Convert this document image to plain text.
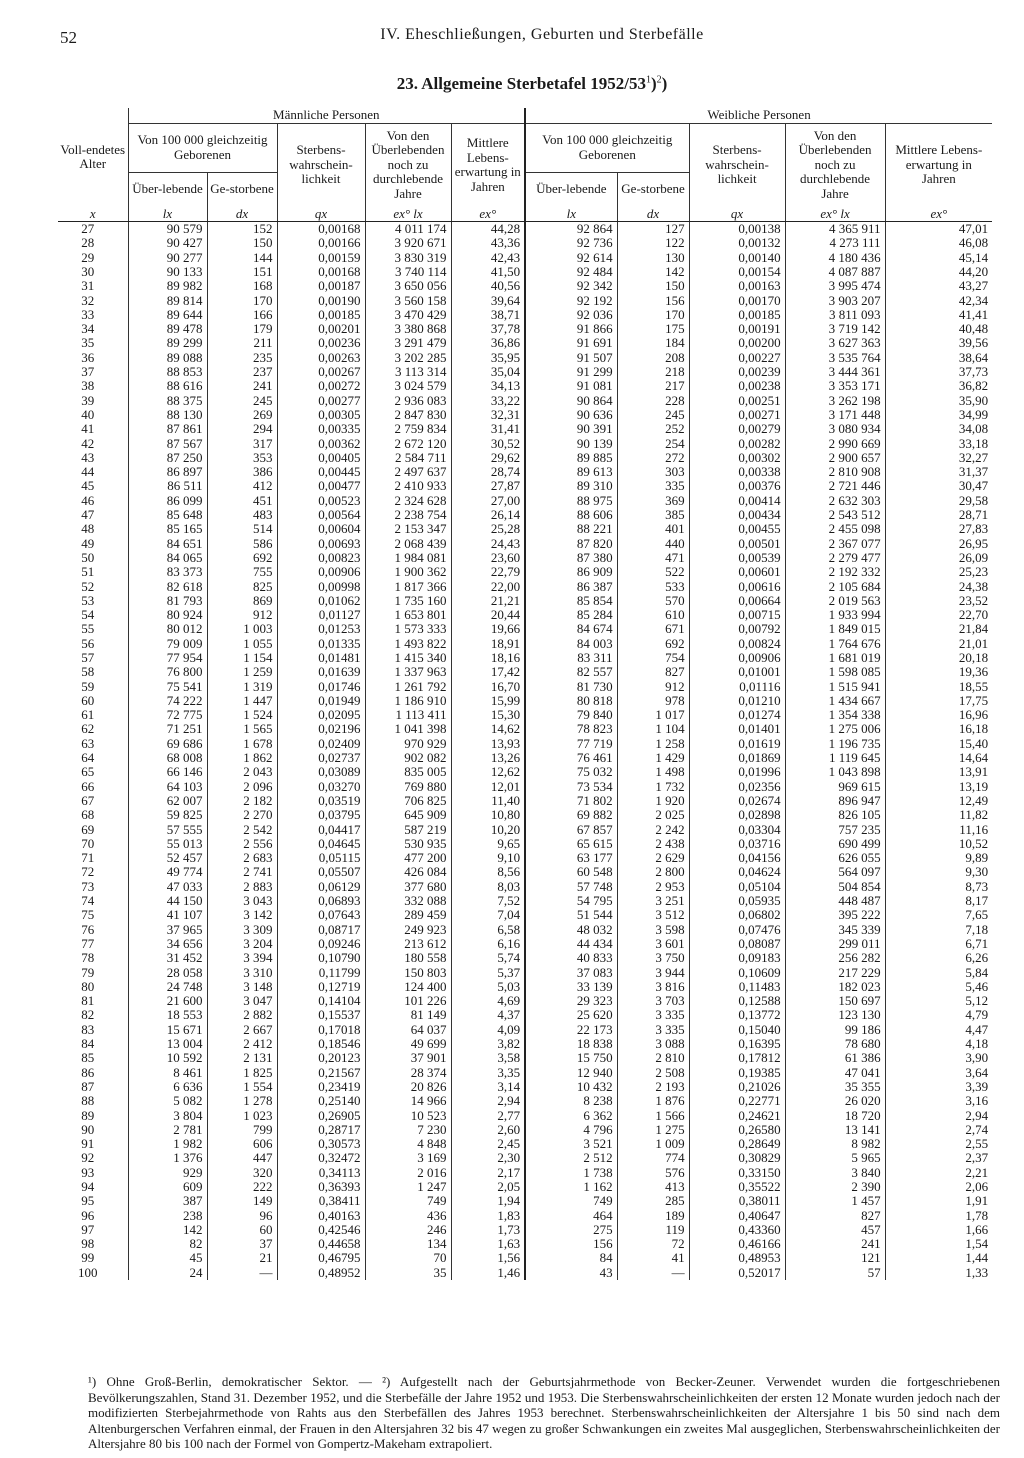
52	IV. Eheschließungen, Geburten und Sterbefälle
23. Allgemeine Sterbetafel $1952/53^1)^2$)
Voll-endetes Alter	Männliche Personen					Weibliche Personen				
	Von 100 000 gleichzeitig Geborenen		Sterbens-wahrschein-lichkeit	Von den Überlebenden noch zu durchlebende Jahre	Mittlere Lebens-erwartung in Jahren	Von 100 000 gleichzeitig Geborenen		Sterbens-wahrschein-lichkeit	Von den Überlebenden noch zu durchlebende Jahre	Mittlere Lebens-erwartung in Jahren
	Über-lebende	Ge-storbene				Über-lebende	Ge-storbene			
x	lx	dx	qx	ex° lx	ex°	lx	dx	qx	ex° lx	ex°
27	90 579	152	0,00168	4 011 174	44,28	92 864	127	0,00138	4 365 911	47,01
28	90 427	150	0,00166	3 920 671	43,36	92 736	122	0,00132	4 273 111	46,08
29	90 277	144	0,00159	3 830 319	42,43	92 614	130	0,00140	4 180 436	45,14
30	90 133	151	0,00168	3 740 114	41,50	92 484	142	0,00154	4 087 887	44,20
31	89 982	168	0,00187	3 650 056	40,56	92 342	150	0,00163	3 995 474	43,27
32	89 814	170	0,00190	3 560 158	39,64	92 192	156	0,00170	3 903 207	42,34
33	89 644	166	0,00185	3 470 429	38,71	92 036	170	0,00185	3 811 093	41,41
34	89 478	179	0,00201	3 380 868	37,78	91 866	175	0,00191	3 719 142	40,48
35	89 299	211	0,00236	3 291 479	36,86	91 691	184	0,00200	3 627 363	39,56
36	89 088	235	0,00263	3 202 285	35,95	91 507	208	0,00227	3 535 764	38,64
37	88 853	237	0,00267	3 113 314	35,04	91 299	218	0,00239	3 444 361	37,73
38	88 616	241	0,00272	3 024 579	34,13	91 081	217	0,00238	3 353 171	36,82
39	88 375	245	0,00277	2 936 083	33,22	90 864	228	0,00251	3 262 198	35,90
40	88 130	269	0,00305	2 847 830	32,31	90 636	245	0,00271	3 171 448	34,99
41	87 861	294	0,00335	2 759 834	31,41	90 391	252	0,00279	3 080 934	34,08
42	87 567	317	0,00362	2 672 120	30,52	90 139	254	0,00282	2 990 669	33,18
43	87 250	353	0,00405	2 584 711	29,62	89 885	272	0,00302	2 900 657	32,27
44	86 897	386	0,00445	2 497 637	28,74	89 613	303	0,00338	2 810 908	31,37
45	86 511	412	0,00477	2 410 933	27,87	89 310	335	0,00376	2 721 446	30,47
46	86 099	451	0,00523	2 324 628	27,00	88 975	369	0,00414	2 632 303	29,58
47	85 648	483	0,00564	2 238 754	26,14	88 606	385	0,00434	2 543 512	28,71
48	85 165	514	0,00604	2 153 347	25,28	88 221	401	0,00455	2 455 098	27,83
49	84 651	586	0,00693	2 068 439	24,43	87 820	440	0,00501	2 367 077	26,95
50	84 065	692	0,00823	1 984 081	23,60	87 380	471	0,00539	2 279 477	26,09
51	83 373	755	0,00906	1 900 362	22,79	86 909	522	0,00601	2 192 332	25,23
52	82 618	825	0,00998	1 817 366	22,00	86 387	533	0,00616	2 105 684	24,38
53	81 793	869	0,01062	1 735 160	21,21	85 854	570	0,00664	2 019 563	23,52
54	80 924	912	0,01127	1 653 801	20,44	85 284	610	0,00715	1 933 994	22,70
55	80 012	1 003	0,01253	1 573 333	19,66	84 674	671	0,00792	1 849 015	21,84
56	79 009	1 055	0,01335	1 493 822	18,91	84 003	692	0,00824	1 764 676	21,01
57	77 954	1 154	0,01481	1 415 340	18,16	83 311	754	0,00906	1 681 019	20,18
58	76 800	1 259	0,01639	1 337 963	17,42	82 557	827	0,01001	1 598 085	19,36
59	75 541	1 319	0,01746	1 261 792	16,70	81 730	912	0,01116	1 515 941	18,55
60	74 222	1 447	0,01949	1 186 910	15,99	80 818	978	0,01210	1 434 667	17,75
61	72 775	1 524	0,02095	1 113 411	15,30	79 840	1 017	0,01274	1 354 338	16,96
62	71 251	1 565	0,02196	1 041 398	14,62	78 823	1 104	0,01401	1 275 006	16,18
63	69 686	1 678	0,02409	970 929	13,93	77 719	1 258	0,01619	1 196 735	15,40
64	68 008	1 862	0,02737	902 082	13,26	76 461	1 429	0,01869	1 119 645	14,64
65	66 146	2 043	0,03089	835 005	12,62	75 032	1 498	0,01996	1 043 898	13,91
66	64 103	2 096	0,03270	769 880	12,01	73 534	1 732	0,02356	969 615	13,19
67	62 007	2 182	0,03519	706 825	11,40	71 802	1 920	0,02674	896 947	12,49
68	59 825	2 270	0,03795	645 909	10,80	69 882	2 025	0,02898	826 105	11,82
69	57 555	2 542	0,04417	587 219	10,20	67 857	2 242	0,03304	757 235	11,16
70	55 013	2 556	0,04645	530 935	9,65	65 615	2 438	0,03716	690 499	10,52
71	52 457	2 683	0,05115	477 200	9,10	63 177	2 629	0,04156	626 055	9,89
72	49 774	2 741	0,05507	426 084	8,56	60 548	2 800	0,04624	564 097	9,30
73	47 033	2 883	0,06129	377 680	8,03	57 748	2 953	0,05104	504 854	8,73
74	44 150	3 043	0,06893	332 088	7,52	54 795	3 251	0,05935	448 487	8,17
75	41 107	3 142	0,07643	289 459	7,04	51 544	3 512	0,06802	395 222	7,65
76	37 965	3 309	0,08717	249 923	6,58	48 032	3 598	0,07476	345 339	7,18
77	34 656	3 204	0,09246	213 612	6,16	44 434	3 601	0,08087	299 011	6,71
78	31 452	3 394	0,10790	180 558	5,74	40 833	3 750	0,09183	256 282	6,26
79	28 058	3 310	0,11799	150 803	5,37	37 083	3 944	0,10609	217 229	5,84
80	24 748	3 148	0,12719	124 400	5,03	33 139	3 816	0,11483	182 023	5,46
81	21 600	3 047	0,14104	101 226	4,69	29 323	3 703	0,12588	150 697	5,12
82	18 553	2 882	0,15537	81 149	4,37	25 620	3 335	0,13772	123 130	4,79
83	15 671	2 667	0,17018	64 037	4,09	22 173	3 335	0,15040	99 186	4,47
84	13 004	2 412	0,18546	49 699	3,82	18 838	3 088	0,16395	78 680	4,18
85	10 592	2 131	0,20123	37 901	3,58	15 750	2 810	0,17812	61 386	3,90
86	8 461	1 825	0,21567	28 374	3,35	12 940	2 508	0,19385	47 041	3,64
87	6 636	1 554	0,23419	20 826	3,14	10 432	2 193	0,21026	35 355	3,39
88	5 082	1 278	0,25140	14 966	2,94	8 238	1 876	0,22771	26 020	3,16
89	3 804	1 023	0,26905	10 523	2,77	6 362	1 566	0,24621	18 720	2,94
90	2 781	799	0,28717	7 230	2,60	4 796	1 275	0,26580	13 141	2,74
91	1 982	606	0,30573	4 848	2,45	3 521	1 009	0,28649	8 982	2,55
92	1 376	447	0,32472	3 169	2,30	2 512	774	0,30829	5 965	2,37
93	929	320	0,34113	2 016	2,17	1 738	576	0,33150	3 840	2,21
94	609	222	0,36393	1 247	2,05	1 162	413	0,35522	2 390	2,06
95	387	149	0,38411	749	1,94	749	285	0,38011	1 457	1,91
96	238	96	0,40163	436	1,83	464	189	0,40647	827	1,78
97	142	60	0,42546	246	1,73	275	119	0,43360	457	1,66
98	82	37	0,44658	134	1,63	156	72	0,46166	241	1,54
99	45	21	0,46795	70	1,56	84	41	0,48953	121	1,44
100	24	—	0,48952	35	1,46	43	—	0,52017	57	1,33

¹) Ohne Groß-Berlin, demokratischer Sektor. — ²) Aufgestellt nach der Geburtsjahrmethode von Becker-Zeuner. Verwendet wurden die fortgeschriebenen Bevölkerungszahlen, Stand 31. Dezember 1952, und die Sterbefälle der Jahre 1952 und 1953. Die Sterbenswahrscheinlichkeiten der ersten 12 Monate wurden jedoch nach der modifizierten Sterbejahrmethode von Rahts aus den Sterbefällen des Jahres 1953 berechnet. Sterbenswahrscheinlichkeiten der Altersjahre 1 bis 50 sind nach dem Altenburgerschen Verfahren einmal, der Frauen in den Altersjahren 32 bis 47 wegen zu großer Schwankungen ein zweites Mal ausgeglichen, Sterbenswahrscheinlichkeiten der Altersjahre 80 bis 100 nach der Formel von Gompertz-Makeham extrapoliert.
